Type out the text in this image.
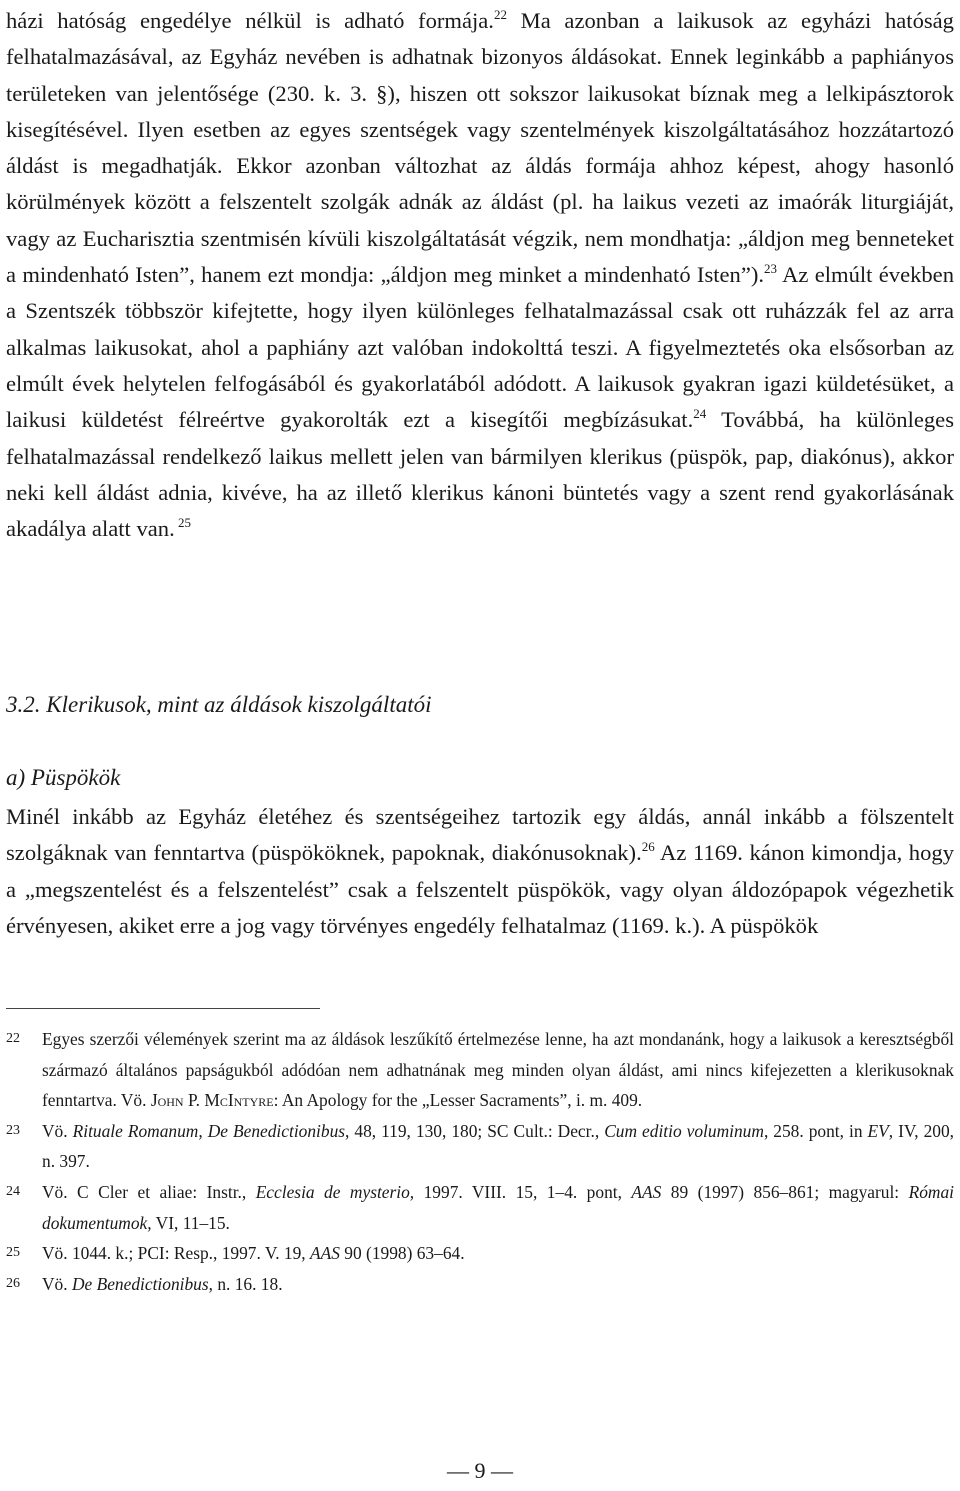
házi hatóság engedélye nélkül is adható formája.$^{22}$ Ma azonban a laikusok az egyházi hatóság felhatalmazásával, az Egyház nevében is adhatnak bizonyos áldásokat. Ennek leginkább a paphiányos területeken van jelentősége (230. k. 3. §), hiszen ott sokszor laikusokat bíznak meg a lelkipásztorok kisegítésével. Ilyen esetben az egyes szentségek vagy szentelmények kiszolgáltatásához hozzátartozó áldást is megadhatják. Ekkor azonban változhat az áldás formája ahhoz képest, ahogy hasonló körülmények között a felszentelt szolgák adnák az áldást (pl. ha laikus vezeti az imaórák liturgiáját, vagy az Eucharisztia szentmisén kívüli kiszolgáltatását végzik, nem mondhatja: „áldjon meg benneteket a mindenható Isten”, hanem ezt mondja: „áldjon meg minket a mindenható Isten”).$^{23}$ Az elmúlt években a Szentszék többször kifejtette, hogy ilyen különleges felhatalmazással csak ott ruházzák fel az arra alkalmas laikusokat, ahol a paphiány azt valóban indokolttá teszi. A figyelmeztetés oka elsősorban az elmúlt évek helytelen felfogásából és gyakorlatából adódott. A laikusok gyakran igazi küldetésüket, a laikusi küldetést félreértve gyakorolták ezt a kisegítői megbízásukat.$^{24}$ Továbbá, ha különleges felhatalmazással rendelkező laikus mellett jelen van bármilyen klerikus (püspök, pap, diakónus), akkor neki kell áldást adnia, kivéve, ha az illető klerikus kánoni büntetés vagy a szent rend gyakorlásának akadálya alatt van. $^{25}$

3.2. Klerikusok, mint az áldások kiszolgáltatói
a) Püspökök

Minél inkább az Egyház életéhez és szentségeihez tartozik egy áldás, annál inkább a fölszentelt szolgáknak van fenntartva (püspököknek, papoknak, diakónusoknak).$^{26}$ Az 1169. kánon kimondja, hogy a „megszentelést és a felszentelést” csak a felszentelt püspökök, vagy olyan áldozópapok végezhetik érvényesen, akiket erre a jog vagy törvényes engedély felhatalmaz (1169. k.). A püspökök

22	Egyes szerzői vélemények szerint ma az áldások leszűkítő értelmezése lenne, ha azt mondanánk, hogy a laikusok a keresztségből származó általános papságukból adódóan nem adhatnának meg minden olyan áldást, ami nincs kifejezetten a klerikusoknak fenntartva. Vö. John P. McIntyre: An Apology for the „Lesser Sacraments”, i. m. 409.
23	Vö. Rituale Romanum, De Benedictionibus, 48, 119, 130, 180; SC Cult.: Decr., Cum editio voluminum, 258. pont, in EV, IV, 200, n. 397.
24	Vö. C Cler et aliae: Instr., Ecclesia de mysterio, 1997. VIII. 15, 1–4. pont, AAS 89 (1997) 856–861; magyarul: Római dokumentumok, VI, 11–15.
25	Vö. 1044. k.; PCI: Resp., 1997. V. 19, AAS 90 (1998) 63–64.
26	Vö. De Benedictionibus, n. 16. 18.
— 9 —
